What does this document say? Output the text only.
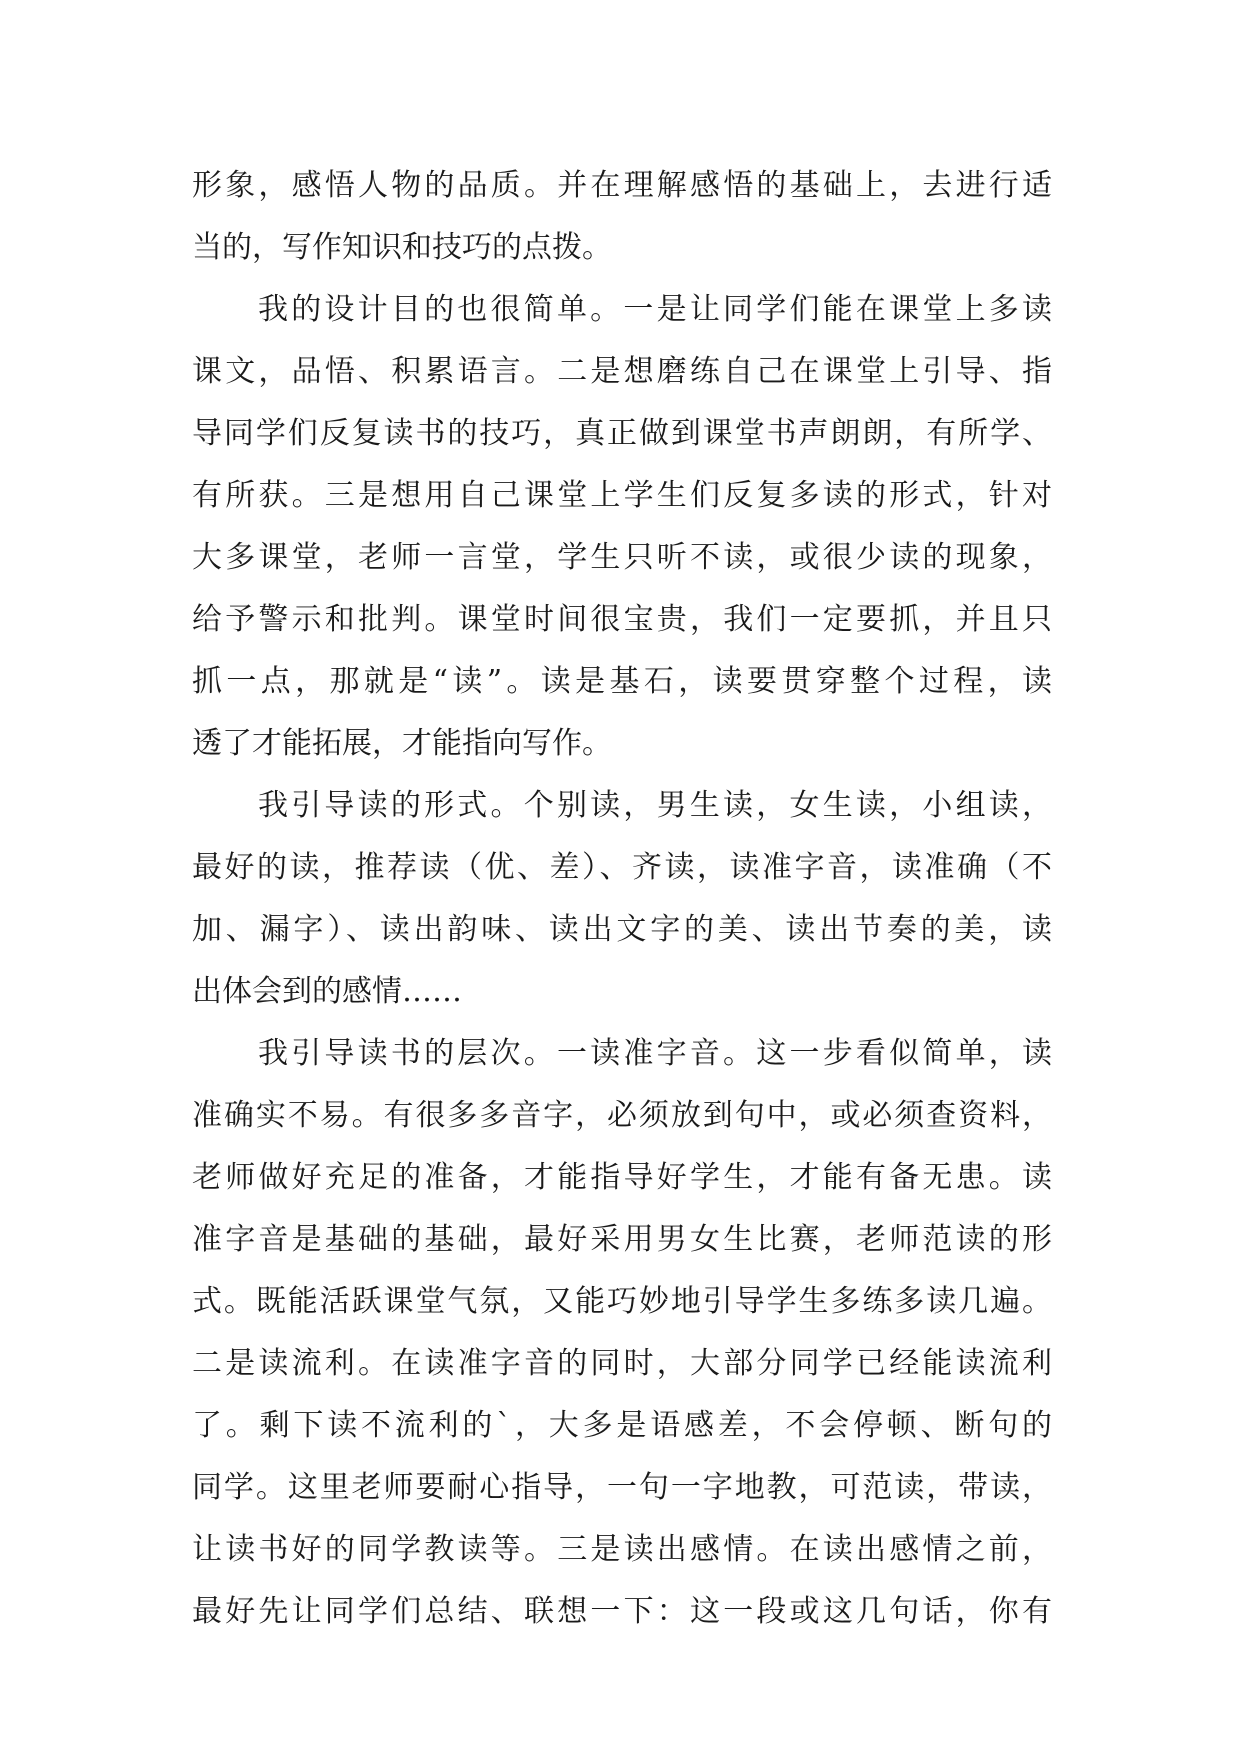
形象，感悟人物的品质。并在理解感悟的基础上，去进行适
当的，写作知识和技巧的点拨。
我的设计目的也很简单。一是让同学们能在课堂上多读
课文，品悟、积累语言。二是想磨练自己在课堂上引导、指
导同学们反复读书的技巧，真正做到课堂书声朗朗，有所学、
有所获。三是想用自己课堂上学生们反复多读的形式，针对
大多课堂，老师一言堂，学生只听不读，或很少读的现象，
给予警示和批判。课堂时间很宝贵，我们一定要抓，并且只
抓一点，那就是“读”。读是基石，读要贯穿整个过程，读
透了才能拓展，才能指向写作。
我引导读的形式。个别读，男生读，女生读，小组读，
最好的读，推荐读（优、差）、齐读，读准字音，读准确（不
加、漏字）、读出韵味、读出文字的美、读出节奏的美，读
出体会到的感情……
我引导读书的层次。一读准字音。这一步看似简单，读
准确实不易。有很多多音字，必须放到句中，或必须查资料，
老师做好充足的准备，才能指导好学生，才能有备无患。读
准字音是基础的基础，最好采用男女生比赛，老师范读的形
式。既能活跃课堂气氛，又能巧妙地引导学生多练多读几遍。
二是读流利。在读准字音的同时，大部分同学已经能读流利
了。剩下读不流利的`，大多是语感差，不会停顿、断句的
同学。这里老师要耐心指导，一句一字地教，可范读，带读，
让读书好的同学教读等。三是读出感情。在读出感情之前，
最好先让同学们总结、联想一下：这一段或这几句话，你有
